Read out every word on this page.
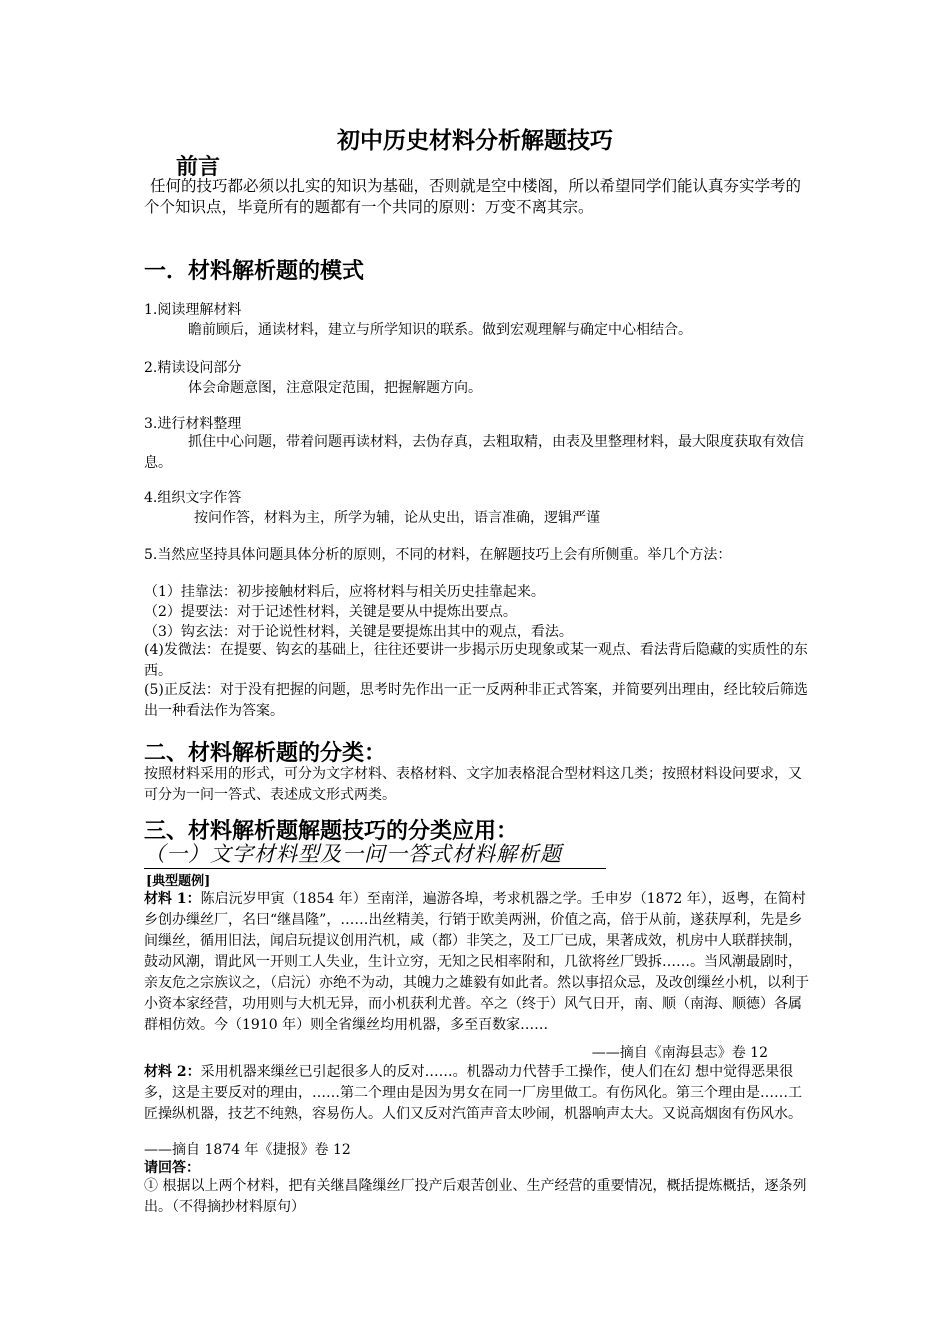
初中历史材料分析解题技巧
前言

任何的技巧都必须以扎实的知识为基础，否则就是空中楼阁，所以希望同学们能认真夯实学考的个个知识点，毕竟所有的题都有一个共同的原则：万变不离其宗。

一．材料解析题的模式
1.阅读理解材料
瞻前顾后，通读材料，建立与所学知识的联系。做到宏观理解与确定中心相结合。
2.精读设问部分
体会命题意图，注意限定范围，把握解题方向。
3.进行材料整理

抓住中心问题，带着问题再读材料，去伪存真，去粗取精，由表及里整理材料，最大限度获取有效信息。

4.组织文字作答
按问作答，材料为主，所学为辅，论从史出，语言准确，逻辑严谨
5.当然应坚持具体问题具体分析的原则，不同的材料，在解题技巧上会有所侧重。举几个方法：
（1）挂靠法：初步接触材料后，应将材料与相关历史挂靠起来。
（2）提要法：对于记述性材料，关键是要从中提炼出要点。
（3）钩玄法：对于论说性材料，关键是要提炼出其中的观点，看法。

(4)发微法：在提要、钩玄的基础上，往往还要讲一步揭示历史现象或某一观点、看法背后隐藏的实质性的东西。

(5)正反法：对于没有把握的问题，思考时先作出一正一反两种非正式答案，并简要列出理由，经比较后筛选出一种看法作为答案。

二、材料解析题的分类：

按照材料采用的形式，可分为文字材料、表格材料、文字加表格混合型材料这几类；按照材料设问要求，又可分为一问一答式、表述成文形式两类。

三、材料解析题解题技巧的分类应用：
（一）文字材料型及一问一答式材料解析题
[典型题例]

材料 1：陈启沅岁甲寅（1854 年）至南洋，遍游各埠，考求机器之学。壬申岁（1872 年），返粤，在简村乡创办缫丝厂，名曰“继昌隆”，……出丝精美，行销于欧美两洲，价值之高，倍于从前，遂获厚利，先是乡间缫丝，循用旧法，闻启玩提议创用汽机，咸（都）非笑之，及工厂已成，果著成效，机房中人联群挟制，鼓动风潮，谓此风一开则工人失业，生计立穷，无知之民相率附和，几欲将丝厂毁拆……。当风潮最剧时，亲友危之宗族议之，（启沅）亦绝不为动，其魄力之雄毅有如此者。然以事招众忌，及改创缫丝小机，以利于小资本家经营，功用则与大机无异，而小机获利尤普。卒之（终于）风气日开，南、顺（南海、顺德）各属群相仿效。今（1910 年）则全省缫丝均用机器，多至百数家……

——摘自《南海县志》卷 12

材料 2：采用机器来缫丝已引起很多人的反对……。机器动力代替手工操作，使人们在幻 想中觉得恶果很多，这是主要反对的理由，……第二个理由是因为男女在同一厂房里做工。有伤风化。第三个理由是……工匠操纵机器，技艺不纯熟，容易伤人。人们又反对汽笛声音太吵闹，机器响声太大。又说高烟囱有伤风水。

——摘自 1874 年《捷报》卷 12
请回答：

① 根据以上两个材料，把有关继昌隆缫丝厂投产后艰苦创业、生产经营的重要情况，概括提炼概括，逐条列出。（不得摘抄材料原句）
